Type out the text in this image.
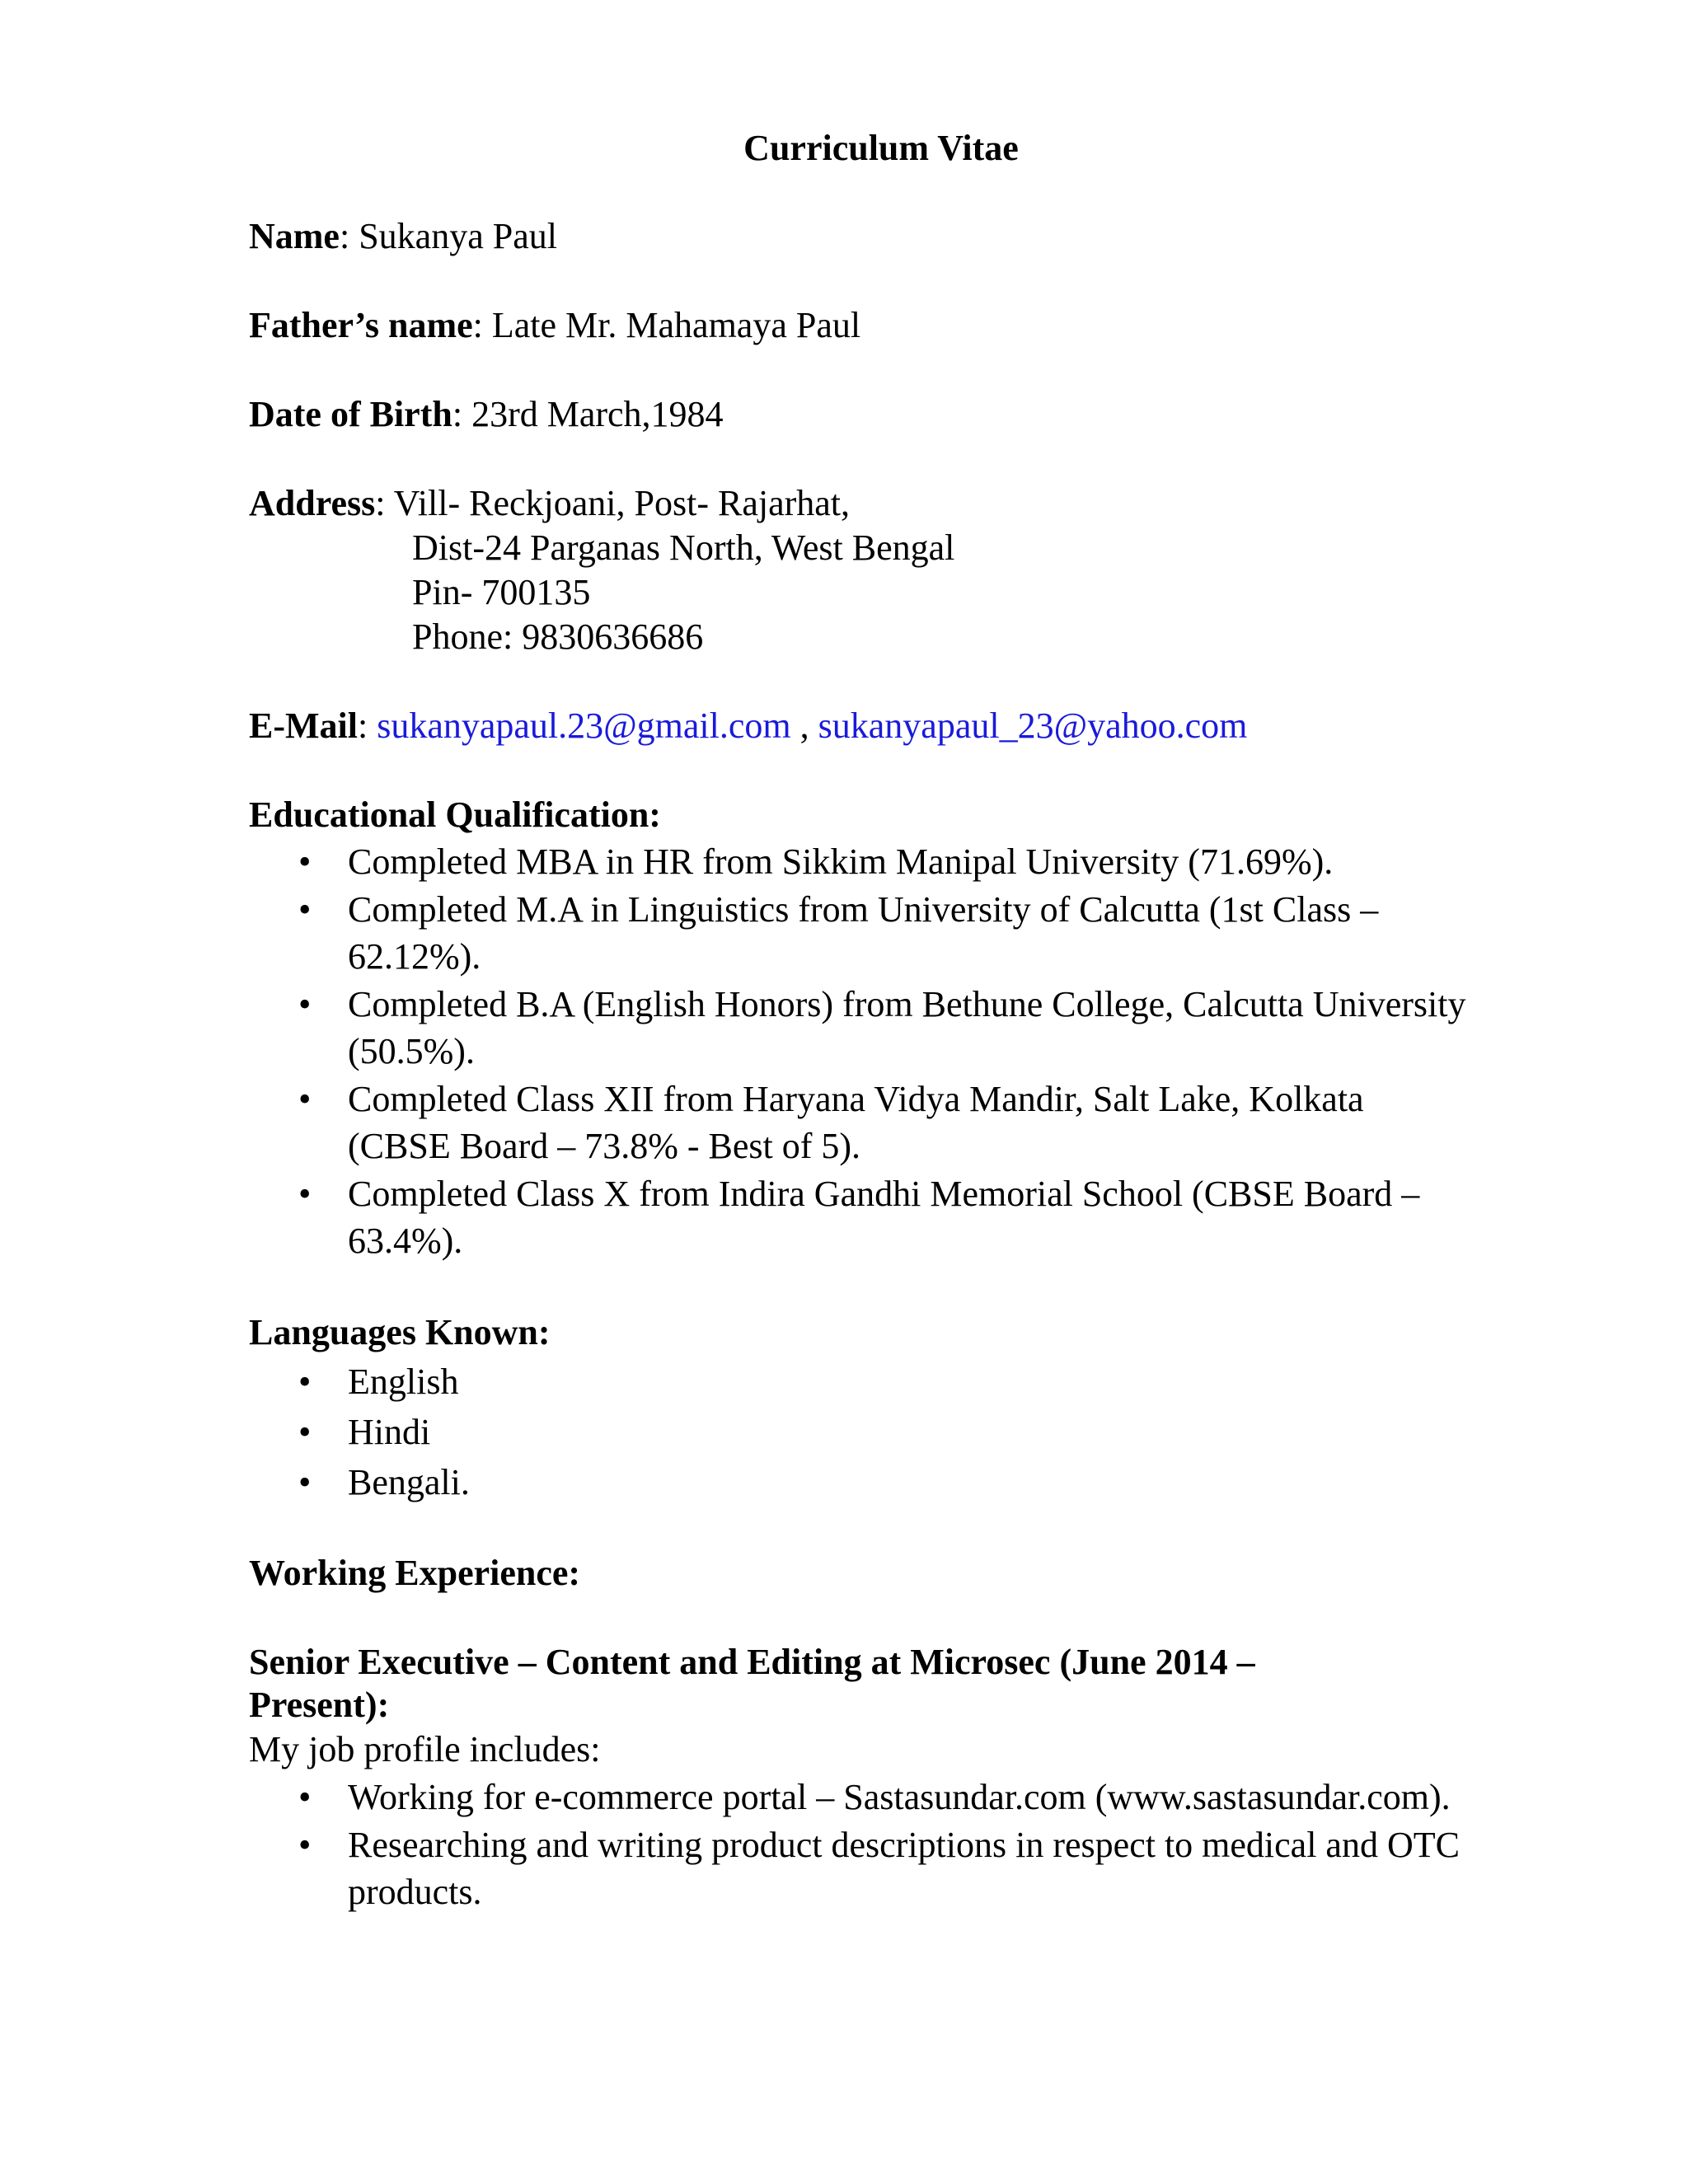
Curriculum Vitae
Name: Sukanya Paul
Father’s name: Late Mr. Mahamaya Paul
Date of Birth: 23rd March,1984
Address: Vill- Reckjoani, Post- Rajarhat,
Dist-24 Parganas North, West Bengal
Pin- 700135
Phone: 9830636686
E-Mail: sukanyapaul.23@gmail.com , sukanyapaul_23@yahoo.com
Educational Qualification:
• Completed MBA in HR from Sikkim Manipal University (71.69%).
• Completed M.A in Linguistics from University of Calcutta (1st Class – 62.12%).
• Completed B.A (English Honors) from Bethune College, Calcutta University (50.5%).
• Completed Class XII from Haryana Vidya Mandir, Salt Lake, Kolkata (CBSE Board – 73.8% - Best of 5).
• Completed Class X from Indira Gandhi Memorial School (CBSE Board – 63.4%).
Languages Known:
• English
• Hindi
• Bengali.
Working Experience:
Senior Executive – Content and Editing at Microsec (June 2014 –
Present):
My job profile includes:
• Working for e-commerce portal – Sastasundar.com (www.sastasundar.com).
• Researching and writing product descriptions in respect to medical and OTC products.
